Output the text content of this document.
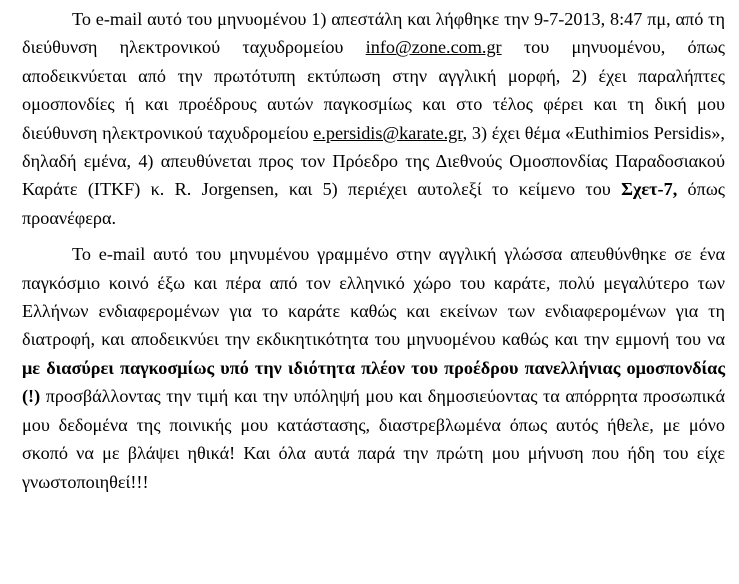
Το e-mail αυτό του μηνυομένου 1) απεστάλη και λήφθηκε την 9-7-2013, 8:47 πμ, από τη διεύθυνση ηλεκτρονικού ταχυδρομείου info@zone.com.gr του μηνυομένου, όπως αποδεικνύεται από την πρωτότυπη εκτύπωση στην αγγλική μορφή, 2) έχει παραλήπτες ομοσπονδίες ή και προέδρους αυτών παγκοσμίως και στο τέλος φέρει και τη δική μου διεύθυνση ηλεκτρονικού ταχυδρομείου e.persidis@karate.gr, 3) έχει θέμα «Euthimios Persidis», δηλαδή εμένα, 4) απευθύνεται προς τον Πρόεδρο της Διεθνούς Ομοσπονδίας Παραδοσιακού Καράτε (ITKF) κ. R. Jorgensen, και 5) περιέχει αυτολεξί το κείμενο του Σχετ-7, όπως προανέφερα.

Το e-mail αυτό του μηνυμένου γραμμένο στην αγγλική γλώσσα απευθύνθηκε σε ένα παγκόσμιο κοινό έξω και πέρα από τον ελληνικό χώρο του καράτε, πολύ μεγαλύτερο των Ελλήνων ενδιαφερομένων για το καράτε καθώς και εκείνων των ενδιαφερομένων για τη διατροφή, και αποδεικνύει την εκδικητικότητα του μηνυομένου καθώς και την εμμονή του να με διασύρει παγκοσμίως υπό την ιδιότητα πλέον του προέδρου πανελλήνιας ομοσπονδίας (!) προσβάλλοντας την τιμή και την υπόληψή μου και δημοσιεύοντας τα απόρρητα προσωπικά μου δεδομένα της ποινικής μου κατάστασης, διαστρεβλωμένα όπως αυτός ήθελε, με μόνο σκοπό να με βλάψει ηθικά! Και όλα αυτά παρά την πρώτη μου μήνυση που ήδη του είχε γνωστοποιηθεί!!!
